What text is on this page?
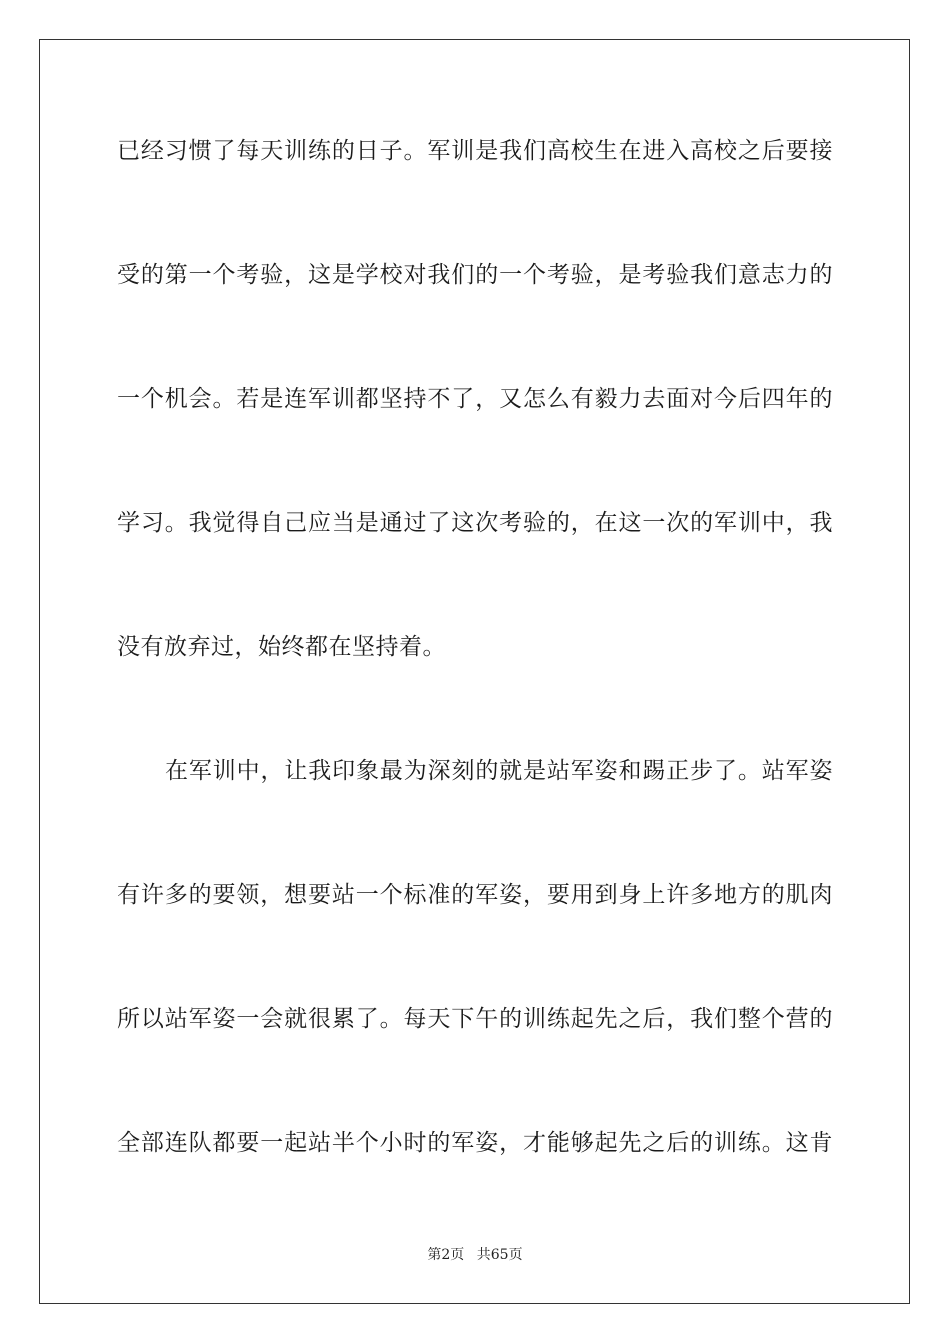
已经习惯了每天训练的日子。军训是我们高校生在进入高校之后要接
受的第一个考验，这是学校对我们的一个考验，是考验我们意志力的
一个机会。若是连军训都坚持不了，又怎么有毅力去面对今后四年的
学习。我觉得自己应当是通过了这次考验的，在这一次的军训中，我
没有放弃过，始终都在坚持着。
在军训中，让我印象最为深刻的就是站军姿和踢正步了。站军姿
有许多的要领，想要站一个标准的军姿，要用到身上许多地方的肌肉
所以站军姿一会就很累了。每天下午的训练起先之后，我们整个营的
全部连队都要一起站半个小时的军姿，才能够起先之后的训练。这肯
第2页 共65页
